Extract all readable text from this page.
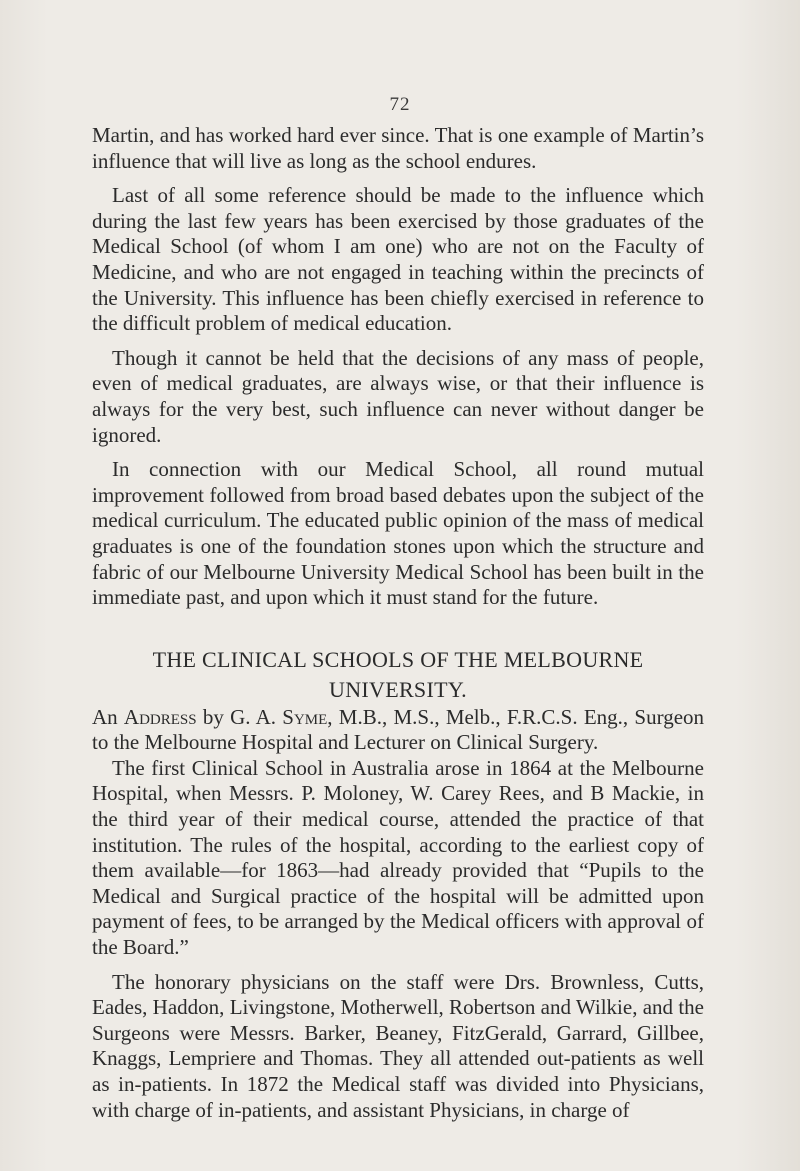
72

Martin, and has worked hard ever since. That is one example of Martin’s influence that will live as long as the school endures.

Last of all some reference should be made to the influence which during the last few years has been exercised by those graduates of the Medical School (of whom I am one) who are not on the Faculty of Medicine, and who are not engaged in teaching within the precincts of the University. This influence has been chiefly exercised in reference to the difficult problem of medical education.

Though it cannot be held that the decisions of any mass of people, even of medical graduates, are always wise, or that their influence is always for the very best, such influence can never without danger be ignored.

In connection with our Medical School, all round mutual improvement followed from broad based debates upon the subject of the medical curriculum. The educated public opinion of the mass of medical graduates is one of the foundation stones upon which the structure and fabric of our Melbourne University Medical School has been built in the immediate past, and upon which it must stand for the future.

THE CLINICAL SCHOOLS OF THE MELBOURNE UNIVERSITY.

An Address by G. A. Syme, M.B., M.S., Melb., F.R.C.S. Eng., Surgeon to the Melbourne Hospital and Lecturer on Clinical Surgery.

The first Clinical School in Australia arose in 1864 at the Melbourne Hospital, when Messrs. P. Moloney, W. Carey Rees, and B Mackie, in the third year of their medical course, attended the practice of that institution. The rules of the hospital, according to the earliest copy of them available—for 1863—had already provided that “Pupils to the Medical and Surgical practice of the hospital will be admitted upon payment of fees, to be arranged by the Medical officers with approval of the Board.”

The honorary physicians on the staff were Drs. Brownless, Cutts, Eades, Haddon, Livingstone, Motherwell, Robertson and Wilkie, and the Surgeons were Messrs. Barker, Beaney, FitzGerald, Garrard, Gillbee, Knaggs, Lempriere and Thomas. They all attended out-patients as well as in-patients. In 1872 the Medical staff was divided into Physicians, with charge of in-patients, and assistant Physicians, in charge of
